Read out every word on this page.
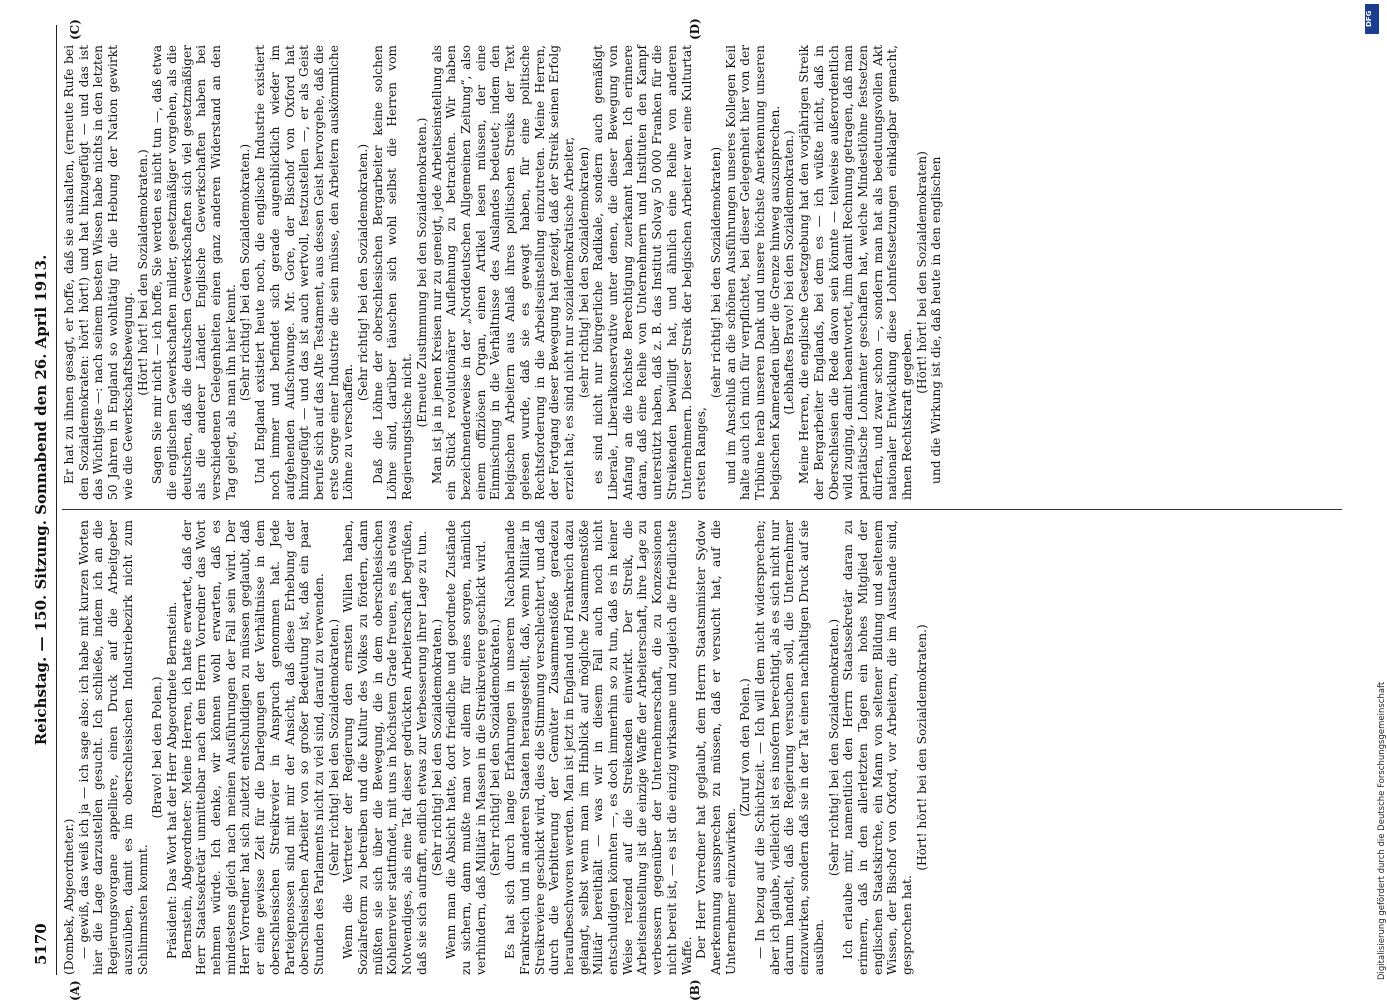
5170
Reichstag. — 150. Sitzung. Sonnabend den 26. April 1913.
(A)	(B)
(C)	(D)

(Dombek, Abgeordneter.) — gewiß, das weiß ich ja — ich sage also: ich habe mit kurzen Worten hier die Lage darzustellen gesucht. Ich schließe, indem ich an die Regierungsvorgane appelliere, einen Druck auf die Arbeitgeber auszuüben, damit es im oberschlesischen Industriebezirk nicht zum Schlimmsten kommt.

(Bravo! bei den Polen.) Präsident: Das Wort hat der Herr Abgeordnete Bernstein. Bernstein, Abgeordneter: Meine Herren, ich hatte erwartet, daß der Herr Staatssekretär unmittelbar nach dem Herrn Vorredner das Wort nehmen würde. Ich denke, wir können wohl erwarten, daß es mindestens gleich nach meinen Ausführungen der Fall sein wird. Der Herr Vorredner hat sich zuletzt entschuldigen zu müssen geglaubt, daß er eine gewisse Zeit für die Darlegungen der Verhältnisse in dem oberschlesischen Streikrevier in Anspruch genommen hat. Jede Parteigenossen sind mit mir der Ansicht, daß diese Erhebung der oberschlesischen Arbeiter von so großer Bedeutung ist, daß ein paar Stunden des Parlaments nicht zu viel sind, darauf zu verwenden. (Sehr richtig! bei den Sozialdemokraten.) Wenn die Vertreter der Regierung den ernsten Willen haben, Sozialreform zu betreiben und die Kultur des Volkes zu fördern, dann müßten sie sich über die Bewegung, die in dem oberschlesischen Kohlenrevier stattfindet, mit uns in höchstem Grade freuen, es als etwas Notwendiges, als eine Tat dieser gedrückten Arbeiterschaft begrüßen, daß sie sich aufrafft, endlich etwas zur Verbesserung ihrer Lage zu tun. (Sehr richtig! bei den Sozialdemokraten.) Wenn man die Absicht hatte, dort friedliche und geordnete Zustände zu sichern, dann mußte man vor allem für eines sorgen, nämlich verhindern, daß Militär in Massen in die Streikreviere geschickt wird. (Sehr richtig! bei den Sozialdemokraten.) Es hat sich durch lange Erfahrungen in unserem Nachbarlande Frankreich und in anderen Staaten herausgestellt, daß, wenn Militär in Streikreviere geschickt wird, dies die Stimmung verschlechtert, und daß durch die Verbitterung der Gemüter Zusammenstöße geradezu heraufbeschworen werden. Man ist jetzt in England und Frankreich dazu gelangt, selbst wenn man im Hinblick auf mögliche Zusammenstöße Militär bereithält — was wir in diesem Fall auch noch nicht entschuldigen könnten —, es doch immerhin so zu tun, daß es in keiner Weise reizend auf die Streikenden einwirkt. Der Streik, die Arbeitseinstellung ist die einzige Waffe der Arbeiterschaft, ihre Lage zu verbessern gegenüber der Unternehmerschaft, die zu Konzessionen nicht bereit ist, — es ist die einzig wirksame und zugleich die friedlichste Waffe. Der Herr Vorredner hat geglaubt, dem Herrn Staatsminister Sydow Anerkennung aussprechen zu müssen, daß er versucht hat, auf die Unternehmer einzuwirken.

(Zuruf von den Polen.) — In bezug auf die Schichtzeit. — Ich will dem nicht widersprechen; aber ich glaube, vielleicht ist es insofern berechtigt, als es sich nicht nur darum handelt, daß die Regierung versuchen soll, die Unternehmer einzuwirken, sondern daß sie in der Tat einen nachhaltigen Druck auf sie ausüben.

(Sehr richtig! bei den Sozialdemokraten.) Ich erlaube mir, namentlich den Herrn Staatssekretär daran zu erinnern, daß in den allerletzten Tagen ein hohes Mitglied der englischen Staatskirche, ein Mann von seltener Bildung und seltenem Wissen, der Bischof von Oxford, vor Arbeitern, die im Ausstande sind, gesprochen hat.

(Hört! hört! bei den Sozialdemokraten.)

Er hat zu ihnen gesagt, er hoffe, daß sie aushalten, (erneute Rufe bei den Sozialdemokraten: hört! hört!) und hat hinzugefügt — und das ist das Wichtigste —: nach seinem besten Wissen habe nichts in den letzten 50 Jahren in England so wohltätig für die Hebung der Nation gewirkt wie die Gewerkschaftsbewegung.

(Hört! hört! bei den Sozialdemokraten.) Sagen Sie mir nicht — ich hoffe, Sie werden es nicht tun —, daß etwa die englischen Gewerkschaften milder, gesetzmäßiger vorgehen, als die deutschen, daß die deutschen Gewerkschaften sich viel gesetzmäßiger als die anderer Länder. Englische Gewerkschaften haben bei verschiedenen Gelegenheiten einen ganz anderen Widerstand an den Tag gelegt, als man ihn hier kennt. (Sehr richtig! bei den Sozialdemokraten.) Und England existiert heute noch, die englische Industrie existiert noch immer und befindet sich gerade augenblicklich wieder im aufgehenden Aufschwunge. Mr. Gore, der Bischof von Oxford hat hinzugefügt — und das ist auch wertvoll, festzustellen —, er als Geist berufe sich auf das Alte Testament, aus dessen Geist hervorgehe, daß die erste Sorge einer Industrie die sein müsse, den Arbeitern auskömmliche Löhne zu verschaffen.

(Sehr richtig! bei den Sozialdemokraten.) Daß die Löhne der oberschlesischen Bergarbeiter keine solchen Löhne sind, darüber täuschen sich wohl selbst die Herren vom Regierungstische nicht. (Erneute Zustimmung bei den Sozialdemokraten.) Man ist ja in jenen Kreisen nur zu geneigt, jede Arbeitseinstellung als ein Stück revolutionärer Auflehnung zu betrachten. Wir haben bezeichnenderweise in der „Norddeutschen Allgemeinen Zeitung“, also einem offiziösen Organ, einen Artikel lesen müssen, der eine Einmischung in die Verhältnisse des Auslandes bedeutet; indem den belgischen Arbeitern aus Anlaß ihres politischen Streiks der Text gelesen wurde, daß sie es gewagt haben, für eine politische Rechtsforderung in die Arbeitseinstellung einzutreten. Meine Herren, der Fortgang dieser Bewegung hat gezeigt, daß der Streik seinen Erfolg erzielt hat; es sind nicht nur sozialdemokratische Arbeiter, (sehr richtig! bei den Sozialdemokraten) es sind nicht nur bürgerliche Radikale, sondern auch gemäßigt Liberale, Liberalkonservative unter denen, die dieser Bewegung von Anfang an die höchste Berechtigung zuerkannt haben. Ich erinnere daran, daß eine Reihe von Unternehmern und Instituten den Kampf unterstützt haben, daß z. B. das Institut Solvay 50 000 Franken für die Streikenden bewilligt hat, und ähnlich eine Reihe von anderen Unternehmern. Dieser Streik der belgischen Arbeiter war eine Kulturtat ersten Ranges,

(sehr richtig! bei den Sozialdemokraten) und im Anschluß an die schönen Ausführungen unseres Kollegen Keil halte auch ich mich für verpflichtet, bei dieser Gelegenheit hier von der Tribüne herab unseren Dank und unsere höchste Anerkennung unseren belgischen Kameraden über die Grenze hinweg auszusprechen. (Lebhaftes Bravo! bei den Sozialdemokraten.) Meine Herren, die englische Gesetzgebung hat den vorjährigen Streik der Bergarbeiter Englands, bei dem es — ich wüßte nicht, daß in Oberschlesien die Rede davon sein könnte — teilweise außerordentlich wild zuging, damit beantwortet, ihm damit Rechnung getragen, daß man paritätische Lohnämter geschaffen hat, welche Mindestlöhne festsetzen dürfen, und zwar schon —, sondern man hat als bedeutungsvollen Akt nationaler Entwicklung diese Lohnfestsetzungen einklagbar gemacht, ihnen Rechtskraft gegeben.

(Hört! hört! bei den Sozialdemokraten) und die Wirkung ist die, daß heute in den englischen

Digitalisierung gefördert durch die Deutsche Forschungsgemeinschaft
DFG
